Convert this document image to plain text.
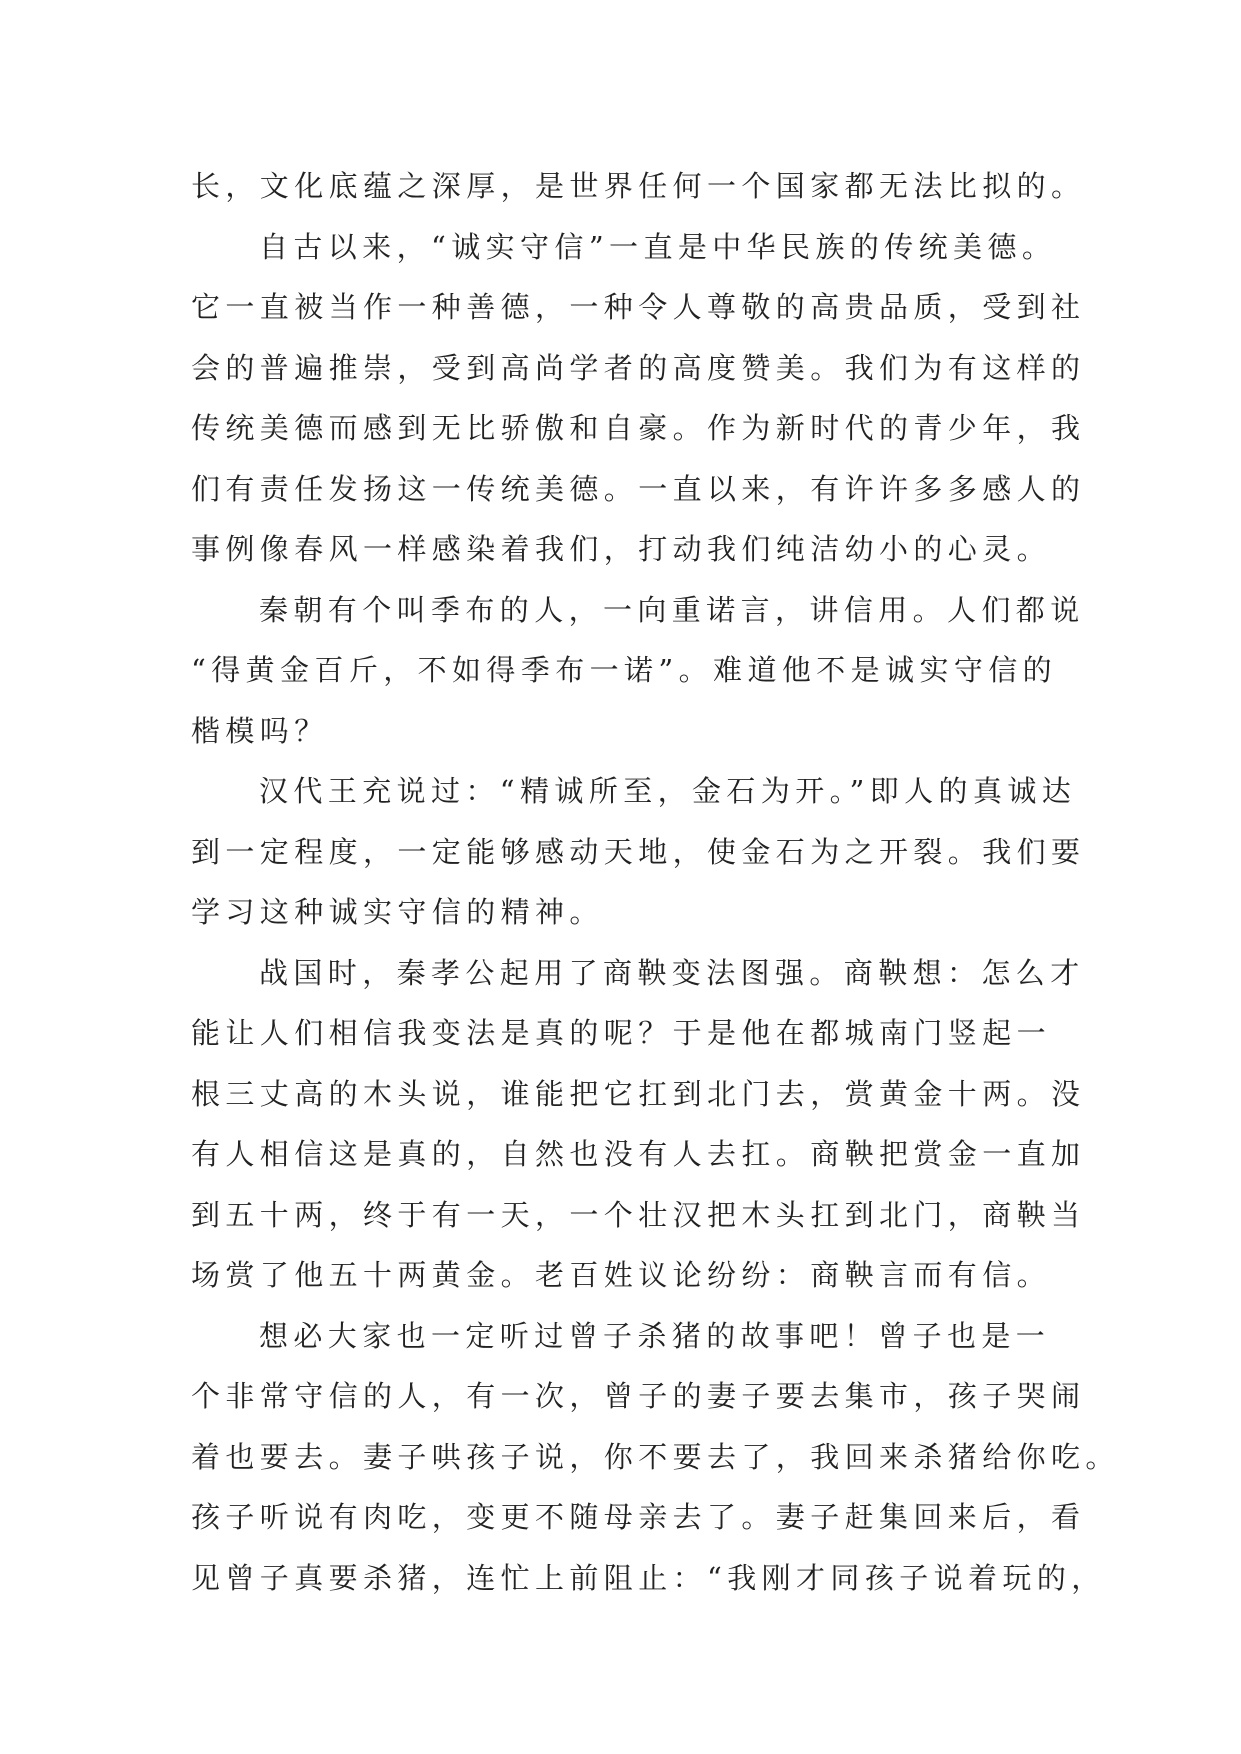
长，文化底蕴之深厚，是世界任何一个国家都无法比拟的。
自古以来，“诚实守信”一直是中华民族的传统美德。
它一直被当作一种善德，一种令人尊敬的高贵品质，受到社
会的普遍推崇，受到高尚学者的高度赞美。我们为有这样的
传统美德而感到无比骄傲和自豪。作为新时代的青少年，我
们有责任发扬这一传统美德。一直以来，有许许多多感人的
事例像春风一样感染着我们，打动我们纯洁幼小的心灵。
秦朝有个叫季布的人，一向重诺言，讲信用。人们都说
“得黄金百斤，不如得季布一诺”。难道他不是诚实守信的
楷模吗？
汉代王充说过：“精诚所至，金石为开。”即人的真诚达
到一定程度，一定能够感动天地，使金石为之开裂。我们要
学习这种诚实守信的精神。
战国时，秦孝公起用了商鞅变法图强。商鞅想：怎么才
能让人们相信我变法是真的呢？于是他在都城南门竖起一
根三丈高的木头说，谁能把它扛到北门去，赏黄金十两。没
有人相信这是真的，自然也没有人去扛。商鞅把赏金一直加
到五十两，终于有一天，一个壮汉把木头扛到北门，商鞅当
场赏了他五十两黄金。老百姓议论纷纷：商鞅言而有信。
想必大家也一定听过曾子杀猪的故事吧！曾子也是一
个非常守信的人，有一次，曾子的妻子要去集市，孩子哭闹
着也要去。妻子哄孩子说，你不要去了，我回来杀猪给你吃。
孩子听说有肉吃，变更不随母亲去了。妻子赶集回来后，看
见曾子真要杀猪，连忙上前阻止：“我刚才同孩子说着玩的，
